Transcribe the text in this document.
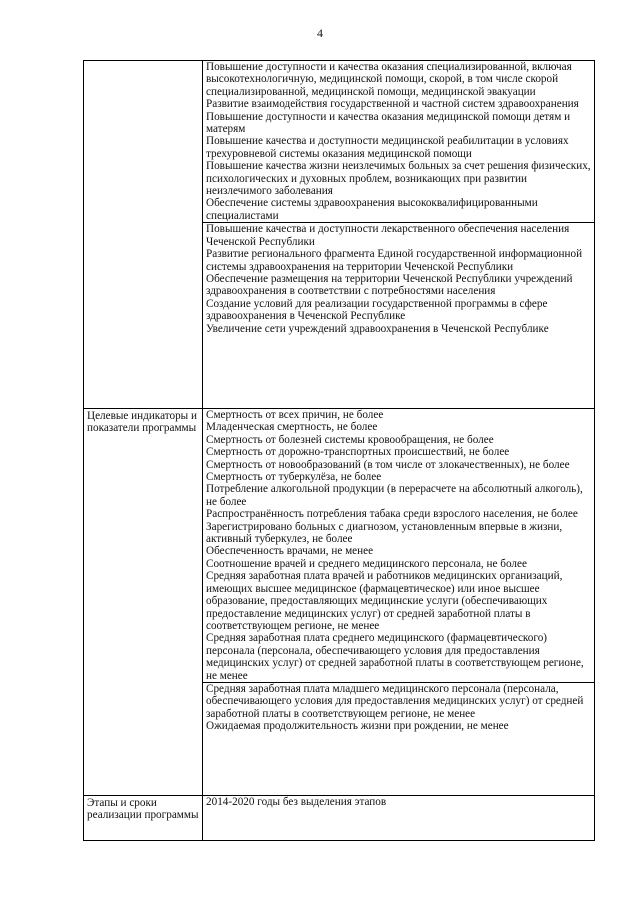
4

Повышение доступности и качества оказания специализированной, включая высокотехнологичную, медицинской помощи, скорой, в том числе скорой специализированной, медицинской помощи, медицинской эвакуации

Развитие взаимодействия государственной и частной систем здравоохранения

Повышение доступности и качества оказания медицинской помощи детям и матерям

Повышение качества и доступности медицинской реабилитации в условиях трехуровневой системы оказания медицинской помощи

Повышение качества жизни неизлечимых больных за счет решения физических, психологических и духовных проблем, возникающих при развитии неизлечимого заболевания

Обеспечение системы здравоохранения высококвалифицированными специалистами

Повышение качества и доступности лекарственного обеспечения населения Чеченской Республики

Развитие регионального фрагмента Единой государственной информационной системы здравоохранения на территории Чеченской Республики

Обеспечение размещения на территории Чеченской Республики учреждений здравоохранения в соответствии с потребностями населения

Создание условий для реализации государственной программы в сфере здравоохранения в Чеченской Республике

Увеличение сети учреждений здравоохранения в Чеченской Республике

Целевые индикаторы и показатели программы

Смертность от всех причин, не более

Младенческая смертность, не более

Смертность от болезней системы кровообращения, не более

Смертность от дорожно-транспортных происшествий, не более

Смертность от новообразований (в том числе от злокачественных), не более

Смертность от туберкулёза, не более

Потребление алкогольной продукции (в перерасчете на абсолютный алкоголь), не более

Распространённость потребления табака среди взрослого населения, не более

Зарегистрировано больных с диагнозом, установленным впервые в жизни, активный туберкулез, не более

Обеспеченность врачами, не менее

Соотношение врачей и среднего медицинского персонала, не более

Средняя заработная плата врачей и работников медицинских организаций, имеющих высшее медицинское (фармацевтическое) или иное высшее образование, предоставляющих медицинские услуги (обеспечивающих предоставление медицинских услуг) от средней заработной платы в соответствующем регионе, не менее

Средняя заработная плата среднего медицинского (фармацевтического) персонала (персонала, обеспечивающего условия для предоставления медицинских услуг) от средней заработной платы в соответствующем регионе, не менее

Средняя заработная плата младшего медицинского персонала (персонала, обеспечивающего условия для предоставления медицинских услуг) от средней заработной платы в соответствующем регионе, не менее

Ожидаемая продолжительность жизни при рождении, не менее

Этапы и сроки реализации программы
2014-2020 годы без выделения этапов
